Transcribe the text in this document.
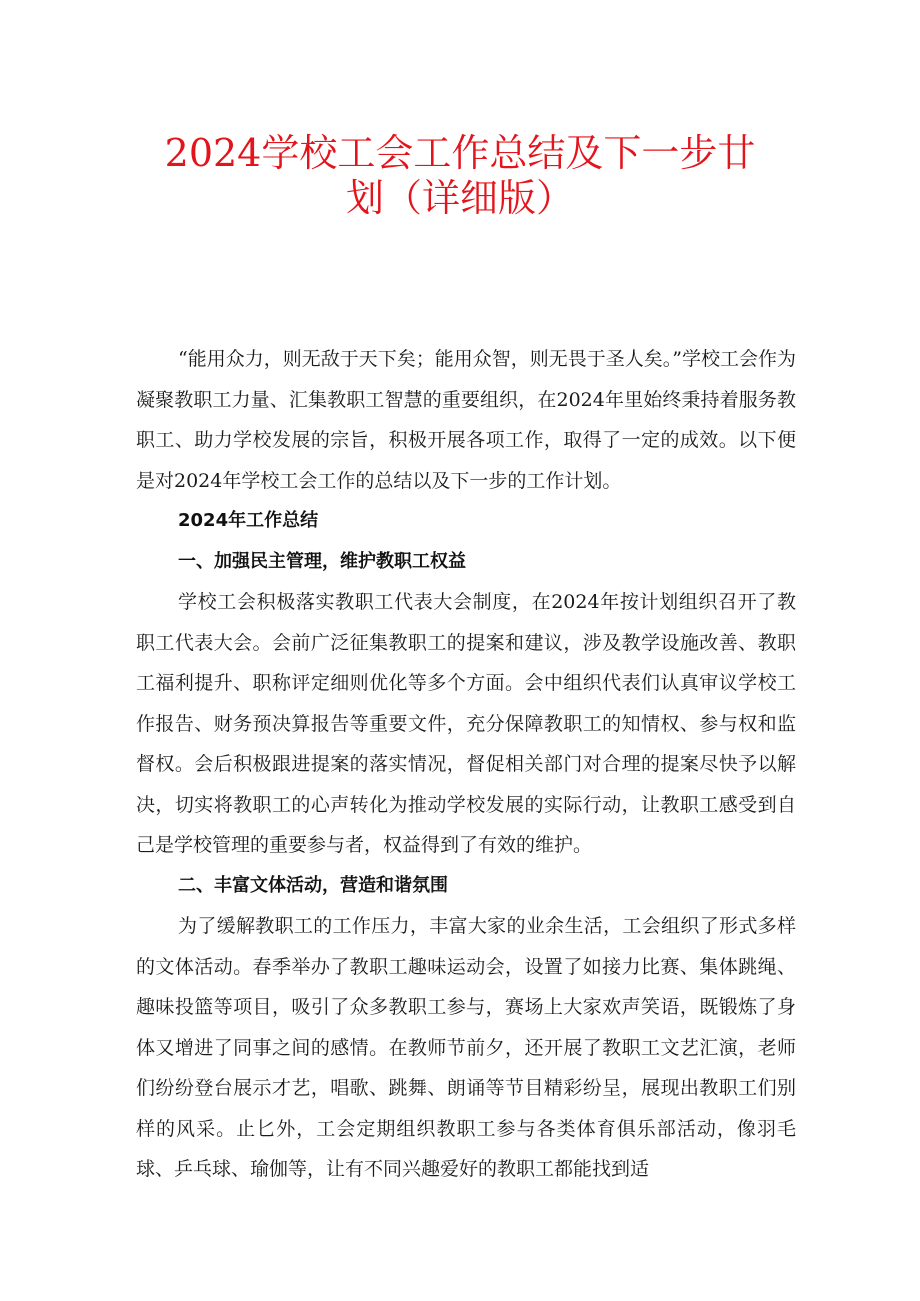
2024学校工会工作总结及下一步廿
划（详细版）

“能用众力，则无敌于天下矣；能用众智，则无畏于圣人矣。”学校工会作为凝聚教职工力量、汇集教职工智慧的重要组织，在2024年里始终秉持着服务教职工、助力学校发展的宗旨，积极开展各项工作，取得了一定的成效。以下便是对2024年学校工会工作的总结以及下一步的工作计划。

2024年工作总结

一、加强民主管理，维护教职工权益

学校工会积极落实教职工代表大会制度，在2024年按计划组织召开了教职工代表大会。会前广泛征集教职工的提案和建议，涉及教学设施改善、教职工福利提升、职称评定细则优化等多个方面。会中组织代表们认真审议学校工作报告、财务预决算报告等重要文件，充分保障教职工的知情权、参与权和监督权。会后积极跟进提案的落实情况，督促相关部门对合理的提案尽快予以解决，切实将教职工的心声转化为推动学校发展的实际行动，让教职工感受到自己是学校管理的重要参与者，权益得到了有效的维护。

二、丰富文体活动，营造和谐氛围

为了缓解教职工的工作压力，丰富大家的业余生活，工会组织了形式多样的文体活动。春季举办了教职工趣味运动会，设置了如接力比赛、集体跳绳、趣味投篮等项目，吸引了众多教职工参与，赛场上大家欢声笑语，既锻炼了身体又增进了同事之间的感情。在教师节前夕，还开展了教职工文艺汇演，老师们纷纷登台展示才艺，唱歌、跳舞、朗诵等节目精彩纷呈，展现出教职工们别样的风采。止匕外，工会定期组织教职工参与各类体育俱乐部活动，像羽毛球、乒乓球、瑜伽等，让有不同兴趣爱好的教职工都能找到适
